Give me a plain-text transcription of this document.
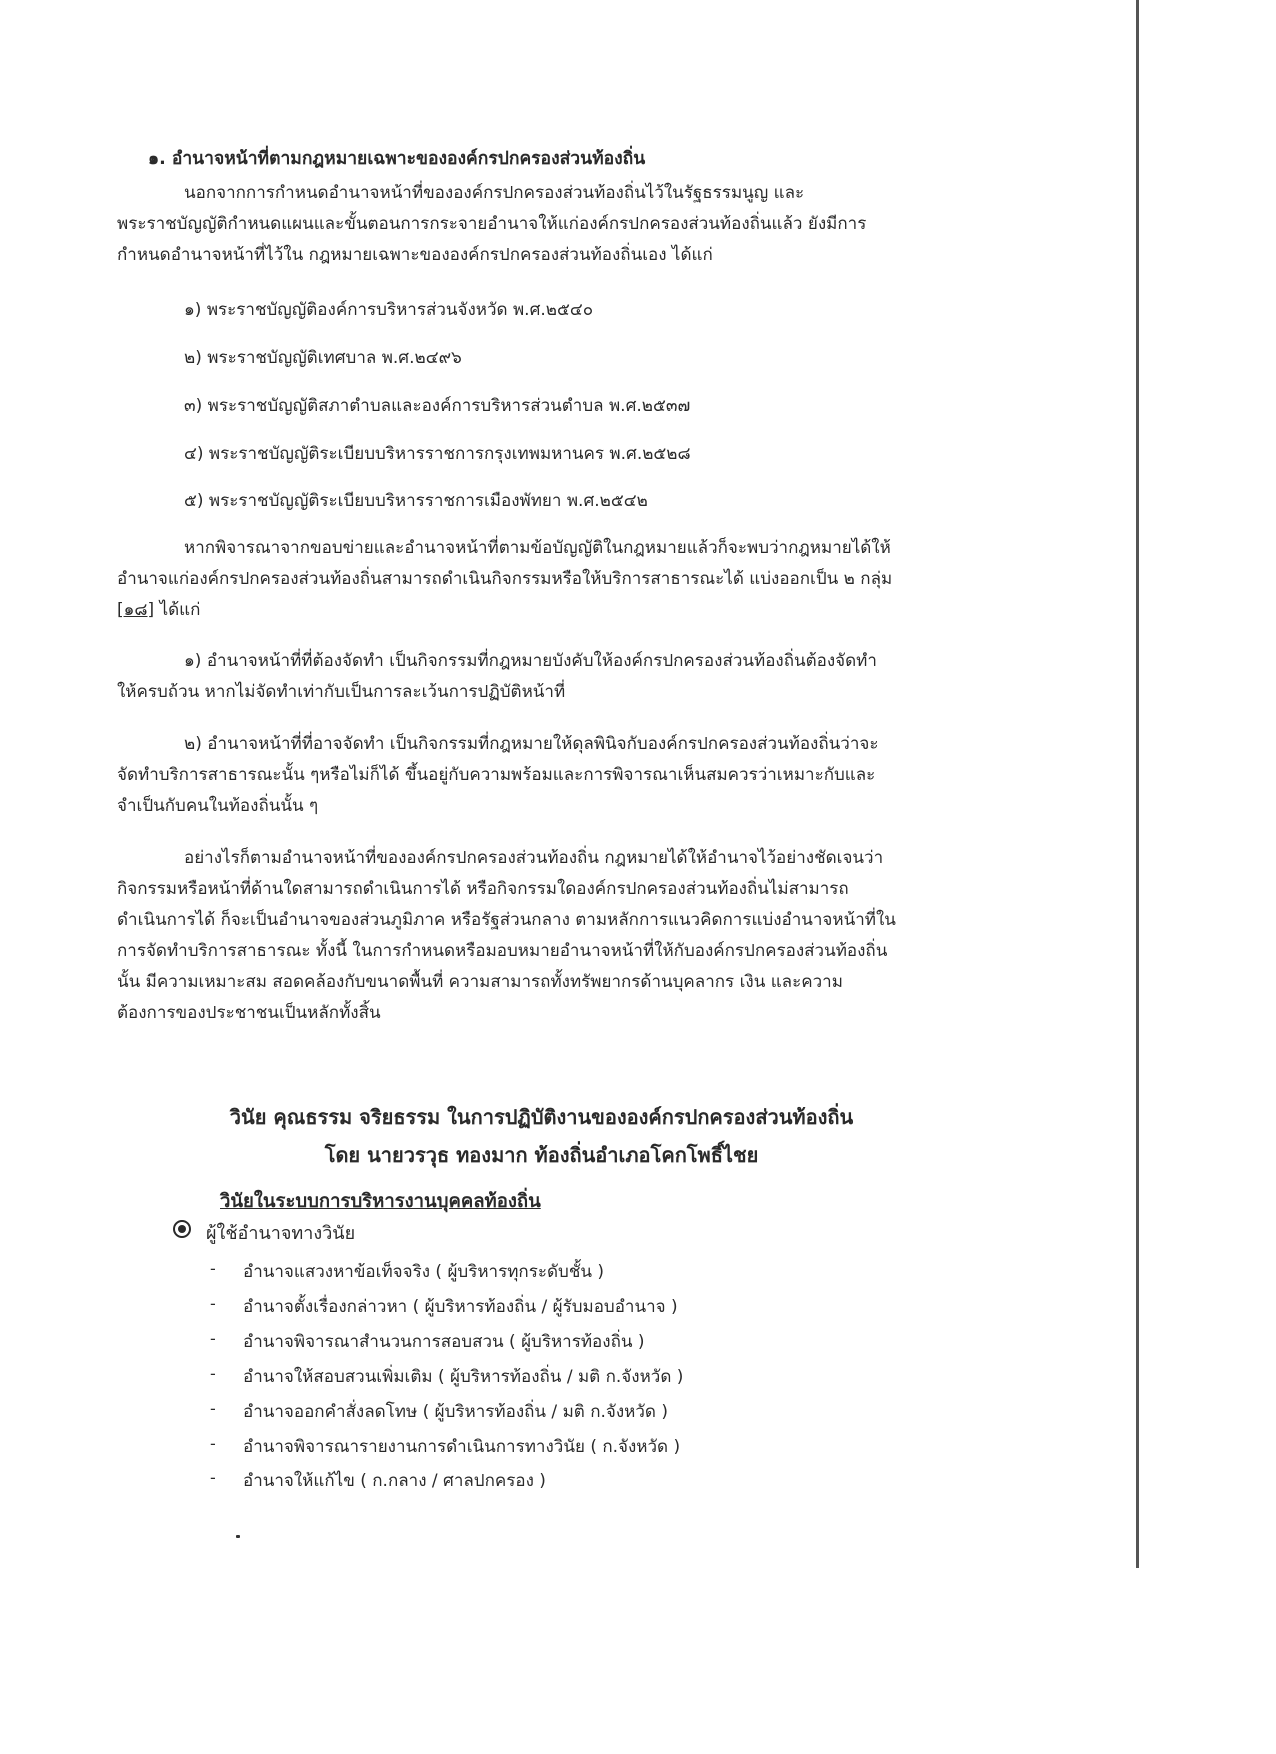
๑. อำนาจหน้าที่ตามกฎหมายเฉพาะขององค์กรปกครองส่วนท้องถิ่น
นอกจากการกำหนดอำนาจหน้าที่ขององค์กรปกครองส่วนท้องถิ่นไว้ในรัฐธรรมนูญ และ
พระราชบัญญัติกำหนดแผนและขั้นตอนการกระจายอำนาจให้แก่องค์กรปกครองส่วนท้องถิ่นแล้ว ยังมีการ
กำหนดอำนาจหน้าที่ไว้ใน กฎหมายเฉพาะขององค์กรปกครองส่วนท้องถิ่นเอง ได้แก่
๑) พระราชบัญญัติองค์การบริหารส่วนจังหวัด พ.ศ.๒๕๔๐
๒) พระราชบัญญัติเทศบาล พ.ศ.๒๔๙๖
๓) พระราชบัญญัติสภาตำบลและองค์การบริหารส่วนตำบล พ.ศ.๒๕๓๗
๔) พระราชบัญญัติระเบียบบริหารราชการกรุงเทพมหานคร พ.ศ.๒๕๒๘
๕) พระราชบัญญัติระเบียบบริหารราชการเมืองพัทยา พ.ศ.๒๕๔๒
หากพิจารณาจากขอบข่ายและอำนาจหน้าที่ตามข้อบัญญัติในกฎหมายแล้วก็จะพบว่ากฎหมายได้ให้
อำนาจแก่องค์กรปกครองส่วนท้องถิ่นสามารถดำเนินกิจกรรมหรือให้บริการสาธารณะได้ แบ่งออกเป็น ๒ กลุ่ม
[๑๘] ได้แก่
๑) อำนาจหน้าที่ที่ต้องจัดทำ เป็นกิจกรรมที่กฎหมายบังคับให้องค์กรปกครองส่วนท้องถิ่นต้องจัดทำ
ให้ครบถ้วน หากไม่จัดทำเท่ากับเป็นการละเว้นการปฏิบัติหน้าที่
๒) อำนาจหน้าที่ที่อาจจัดทำ เป็นกิจกรรมที่กฎหมายให้ดุลพินิจกับองค์กรปกครองส่วนท้องถิ่นว่าจะ
จัดทำบริการสาธารณะนั้น ๆหรือไม่ก็ได้ ขึ้นอยู่กับความพร้อมและการพิจารณาเห็นสมควรว่าเหมาะกับและ
จำเป็นกับคนในท้องถิ่นนั้น ๆ
อย่างไรก็ตามอำนาจหน้าที่ขององค์กรปกครองส่วนท้องถิ่น กฎหมายได้ให้อำนาจไว้อย่างชัดเจนว่า
กิจกรรมหรือหน้าที่ด้านใดสามารถดำเนินการได้ หรือกิจกรรมใดองค์กรปกครองส่วนท้องถิ่นไม่สามารถ
ดำเนินการได้ ก็จะเป็นอำนาจของส่วนภูมิภาค หรือรัฐส่วนกลาง ตามหลักการแนวคิดการแบ่งอำนาจหน้าที่ใน
การจัดทำบริการสาธารณะ ทั้งนี้ ในการกำหนดหรือมอบหมายอำนาจหน้าที่ให้กับองค์กรปกครองส่วนท้องถิ่น
นั้น มีความเหมาะสม สอดคล้องกับขนาดพื้นที่ ความสามารถทั้งทรัพยากรด้านบุคลากร เงิน และความ
ต้องการของประชาชนเป็นหลักทั้งสิ้น
วินัย คุณธรรม จริยธรรม ในการปฏิบัติงานขององค์กรปกครองส่วนท้องถิ่น
โดย นายวรวุธ ทองมาก ท้องถิ่นอำเภอโคกโพธิ์ไชย
วินัยในระบบการบริหารงานบุคคลท้องถิ่น
ผู้ใช้อำนาจทางวินัย
- อำนาจแสวงหาข้อเท็จจริง ( ผู้บริหารทุกระดับชั้น )
- อำนาจตั้งเรื่องกล่าวหา ( ผู้บริหารท้องถิ่น / ผู้รับมอบอำนาจ )
- อำนาจพิจารณาสำนวนการสอบสวน ( ผู้บริหารท้องถิ่น )
- อำนาจให้สอบสวนเพิ่มเติม ( ผู้บริหารท้องถิ่น / มติ ก.จังหวัด )
- อำนาจออกคำสั่งลดโทษ ( ผู้บริหารท้องถิ่น / มติ ก.จังหวัด )
- อำนาจพิจารณารายงานการดำเนินการทางวินัย ( ก.จังหวัด )
- อำนาจให้แก้ไข ( ก.กลาง / ศาลปกครอง )
